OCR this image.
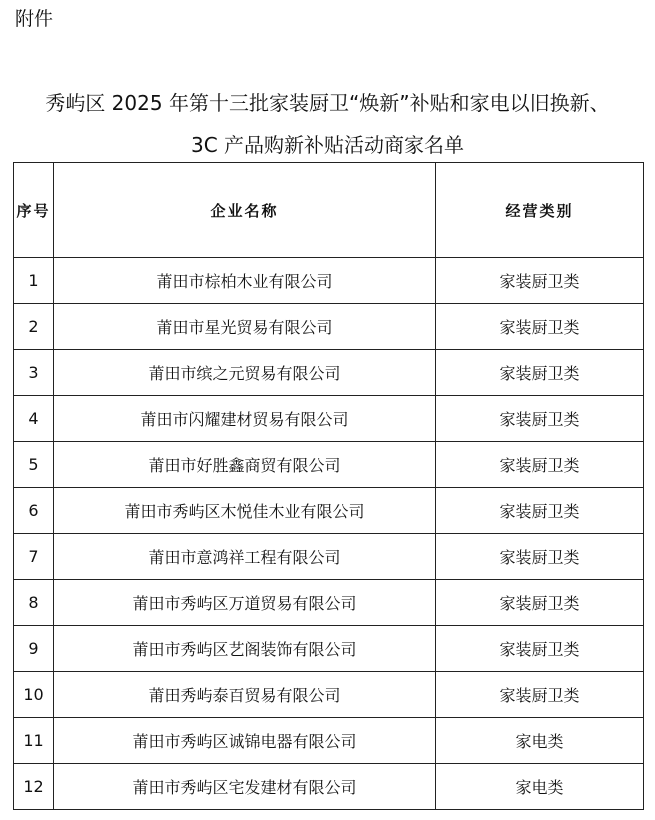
附件
秀屿区 2025 年第十三批家装厨卫“焕新”补贴和家电以旧换新、
3C 产品购新补贴活动商家名单
序号	企业名称	经营类别
1	莆田市棕柏木业有限公司	家装厨卫类
2	莆田市星光贸易有限公司	家装厨卫类
3	莆田市缤之元贸易有限公司	家装厨卫类
4	莆田市闪耀建材贸易有限公司	家装厨卫类
5	莆田市好胜鑫商贸有限公司	家装厨卫类
6	莆田市秀屿区木悦佳木业有限公司	家装厨卫类
7	莆田市意鸿祥工程有限公司	家装厨卫类
8	莆田市秀屿区万道贸易有限公司	家装厨卫类
9	莆田市秀屿区艺阁装饰有限公司	家装厨卫类
10	莆田秀屿泰百贸易有限公司	家装厨卫类
11	莆田市秀屿区诚锦电器有限公司	家电类
12	莆田市秀屿区宅发建材有限公司	家电类
